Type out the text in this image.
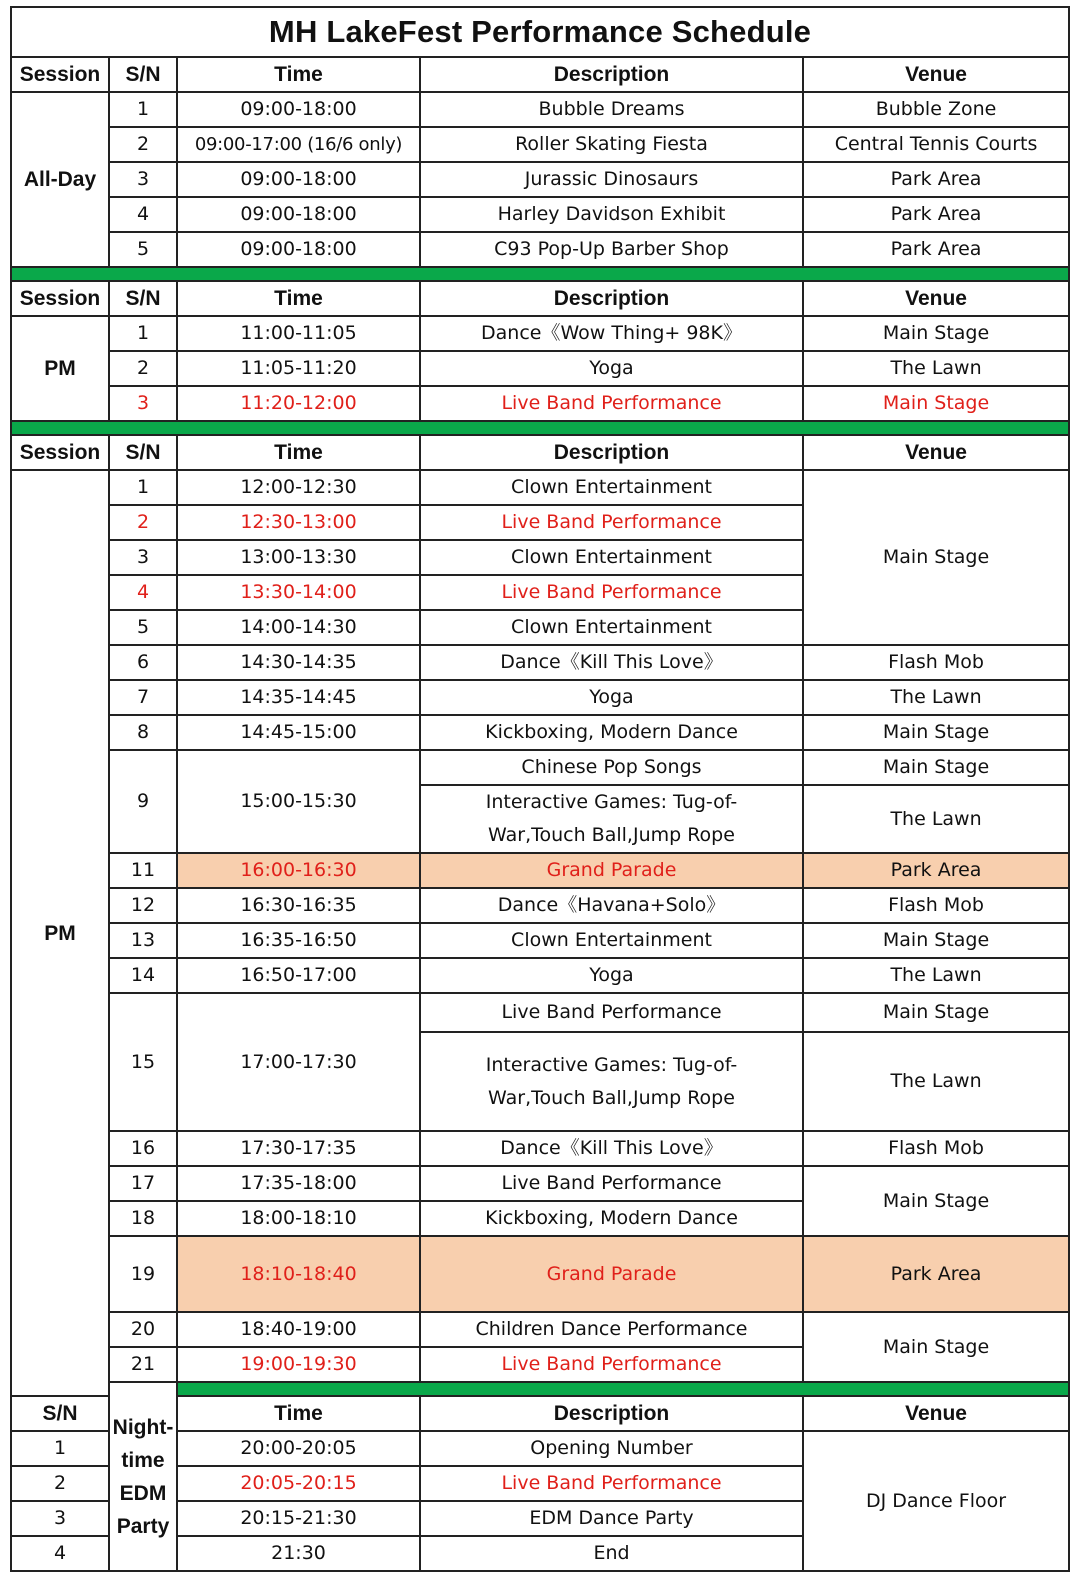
MH LakeFest Performance Schedule				
Session	S/N	Time	Description	Venue
All-Day	1	09:00-18:00	Bubble Dreams	Bubble Zone
	2	09:00-17:00 (16/6 only)	Roller Skating Fiesta	Central Tennis Courts
	3	09:00-18:00	Jurassic Dinosaurs	Park Area
	4	09:00-18:00	Harley Davidson Exhibit	Park Area
	5	09:00-18:00	C93 Pop-Up Barber Shop	Park Area

Session	S/N	Time	Description	Venue
PM	1	11:00-11:05	Dance《Wow Thing+ 98K》	Main Stage
	2	11:05-11:20	Yoga	The Lawn
	3	11:20-12:00	Live Band Performance	Main Stage

Session	S/N	Time	Description	Venue
PM	1	12:00-12:30	Clown Entertainment	Main Stage
	2	12:30-13:00	Live Band Performance	
	3	13:00-13:30	Clown Entertainment	
	4	13:30-14:00	Live Band Performance	
	5	14:00-14:30	Clown Entertainment	
	6	14:30-14:35	Dance《Kill This Love》	Flash Mob
	7	14:35-14:45	Yoga	The Lawn
	8	14:45-15:00	Kickboxing, Modern Dance	Main Stage
	9	15:00-15:30	Chinese Pop Songs	Main Stage
			Interactive Games: Tug-of-War,Touch Ball,Jump Rope	The Lawn

	11	16:00-16:30	Grand Parade	Park Area
	12	16:30-16:35	Dance《Havana+Solo》	Flash Mob
	13	16:35-16:50	Clown Entertainment	Main Stage
	14	16:50-17:00	Yoga	The Lawn
	15	17:00-17:30	Live Band Performance	Main Stage
			Interactive Games: Tug-of-War,Touch Ball,Jump Rope	The Lawn

	16	17:30-17:35	Dance《Kill This Love》	Flash Mob
	17	17:35-18:00	Live Band Performance	Main Stage
	18	18:00-18:10	Kickboxing, Modern Dance	
	19	18:10-18:40	Grand Parade	Park Area

	20	18:40-19:00	Children Dance Performance	Main Stage
	21	19:00-19:30	Live Band Performance	
	Night-
time
EDM
Party			
S/N		Time	Description	Venue
1		20:00-20:05	Opening Number	DJ Dance Floor
2		20:05-20:15	Live Band Performance	
3		20:15-21:30	EDM Dance Party	
4		21:30	End	
